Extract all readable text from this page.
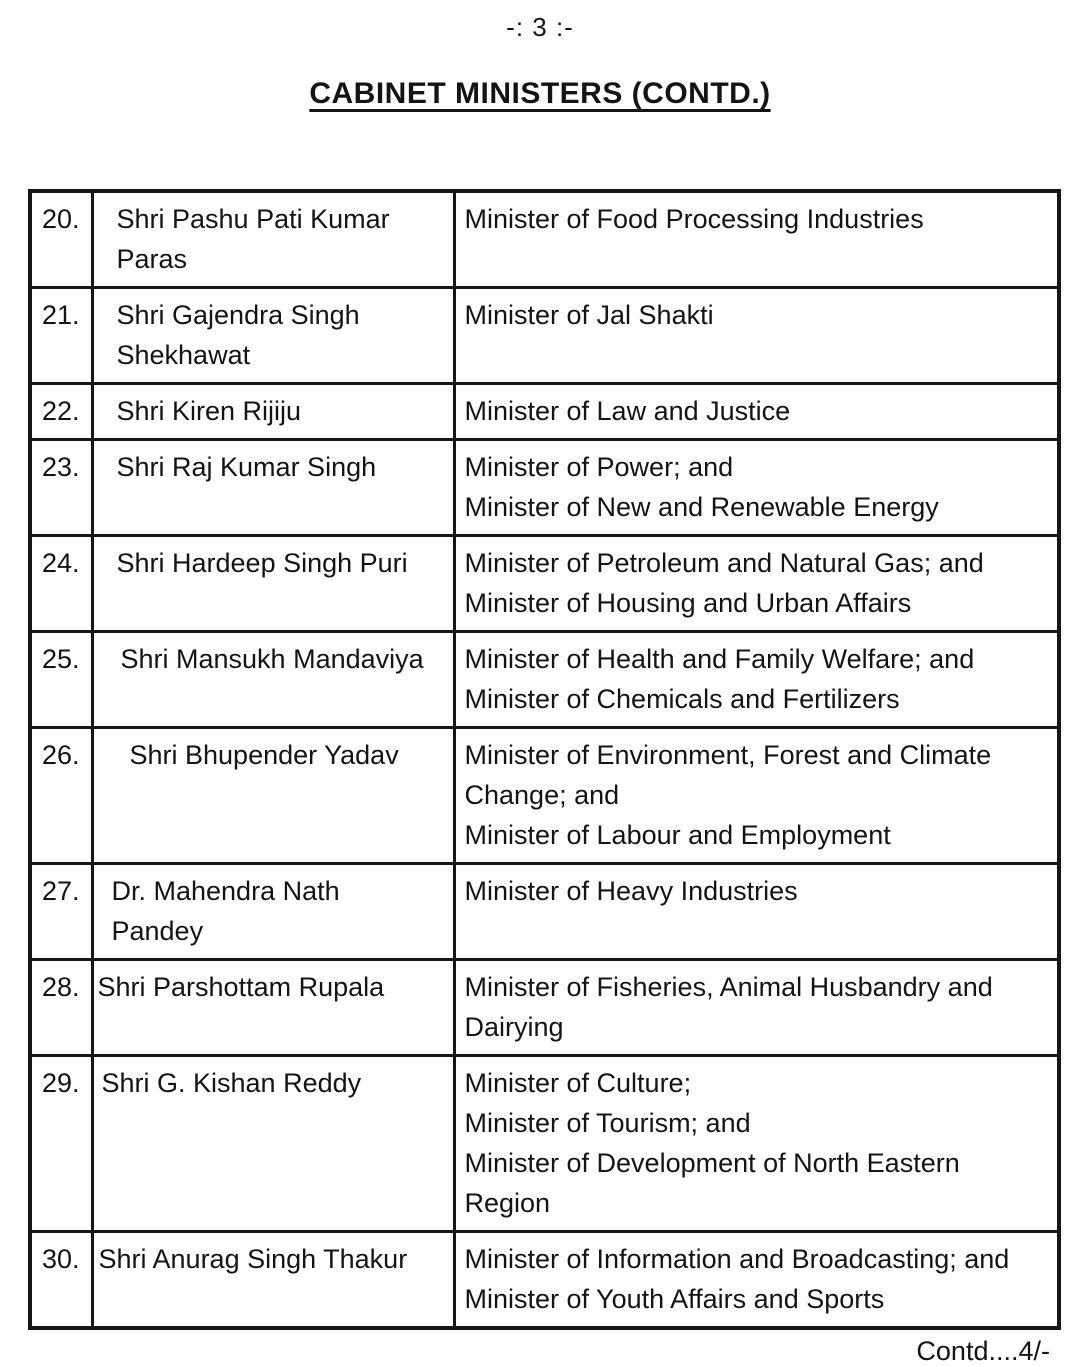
-: 3 :-
CABINET MINISTERS (CONTD.)
20.	Shri Pashu Pati Kumar
Paras	Minister of Food Processing Industries

21.	Shri Gajendra Singh
Shekhawat	Minister of Jal Shakti

22.	Shri Kiren Rijiju	Minister of Law and Justice

23.	Shri Raj Kumar Singh	Minister of Power; and
Minister of New and Renewable Energy

24.	Shri Hardeep Singh Puri	Minister of Petroleum and Natural Gas; and
Minister of Housing and Urban Affairs

25.	Shri Mansukh Mandaviya	Minister of Health and Family Welfare; and
Minister of Chemicals and Fertilizers

26.	Shri Bhupender Yadav	Minister of Environment, Forest and Climate
Change; and
Minister of Labour and Employment

27.	Dr. Mahendra Nath
Pandey	Minister of Heavy Industries

28.	Shri Parshottam Rupala	Minister of Fisheries, Animal Husbandry and
Dairying

29.	Shri G. Kishan Reddy	Minister of Culture;
Minister of Tourism; and
Minister of Development of North Eastern
Region

30.	Shri Anurag Singh Thakur	Minister of Information and Broadcasting; and
Minister of Youth Affairs and Sports
Contd....4/-
